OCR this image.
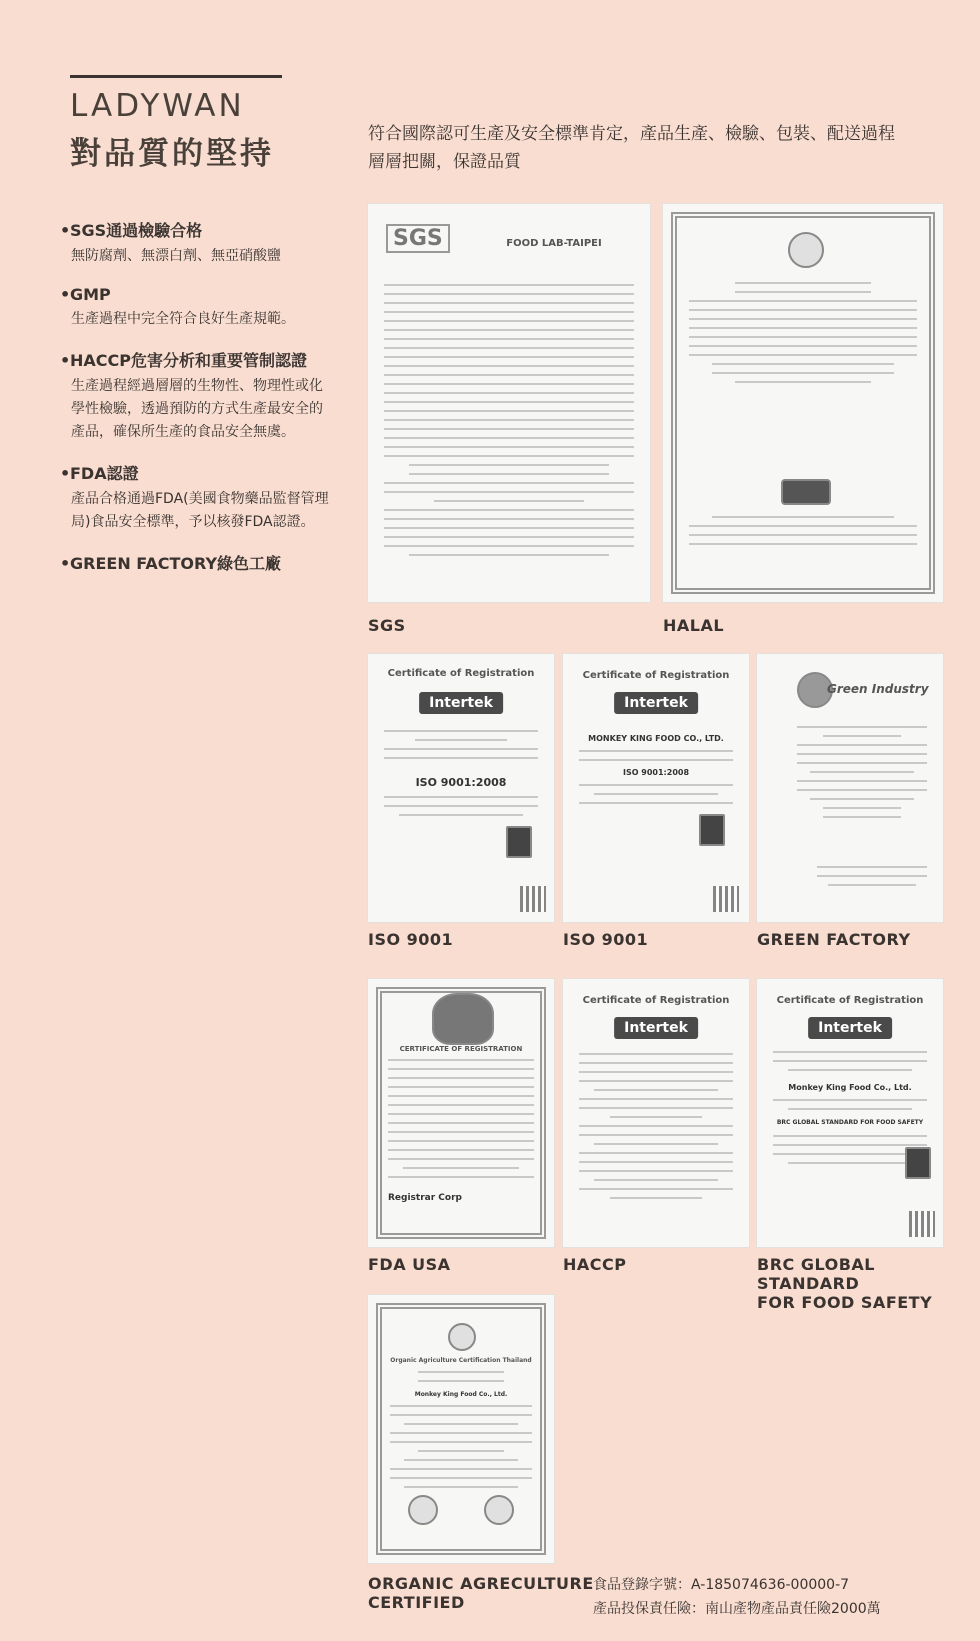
LADYWAN
對品質的堅持
符合國際認可生產及安全標準肯定，產品生產、檢驗、包裝、配送過程層層把關，保證品質
•SGS通過檢驗合格
無防腐劑、無漂白劑、無亞硝酸鹽
•GMP
生產過程中完全符合良好生產規範。
•HACCP危害分析和重要管制認證
生產過程經過層層的生物性、物理性或化學性檢驗，透過預防的方式生產最安全的產品，確保所生產的食品安全無虞。
•FDA認證
產品合格通過FDA(美國食物藥品監督管理局)食品安全標準，予以核發FDA認證。
•GREEN FACTORY綠色工廠
SGS	FOOD LAB-TAIPEI
SGS	HALAL
Certificate of Registration
Intertek
ISO 9001:2008
ISO 9001
Certificate of Registration
Intertek
MONKEY KING FOOD CO., LTD.
ISO 9001:2008
ISO 9001
Green Industry
GREEN FACTORY
CERTIFICATE OF REGISTRATION
Registrar Corp
FDA USA
Certificate of Registration
Intertek
HACCP
Certificate of Registration
Intertek
Monkey King Food Co., Ltd.
BRC GLOBAL STANDARD FOR FOOD SAFETY
BRC GLOBAL STANDARD
FOR FOOD SAFETY
Organic Agriculture Certification Thailand
Monkey King Food Co., Ltd.
ORGANIC AGRECULTURE
CERTIFIED
食品登錄字號：A-185074636-00000-7
產品投保責任險：南山產物產品責任險2000萬
